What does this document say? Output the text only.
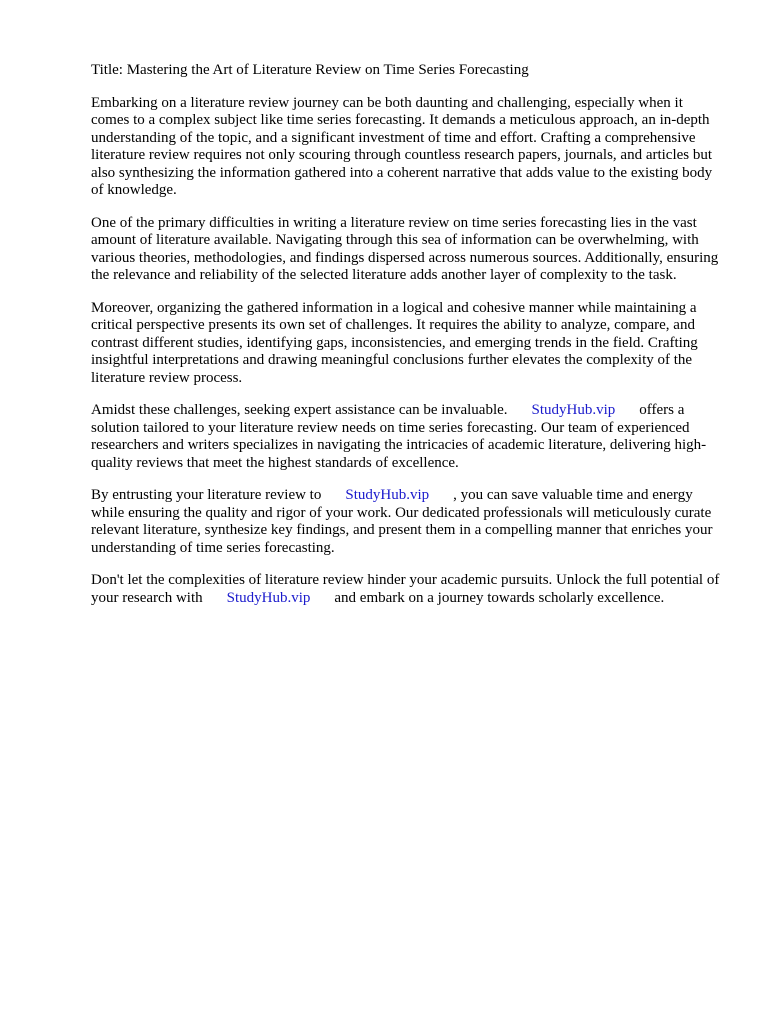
Title: Mastering the Art of Literature Review on Time Series Forecasting

Embarking on a literature review journey can be both daunting and challenging, especially when it comes to a complex subject like time series forecasting. It demands a meticulous approach, an in-depth understanding of the topic, and a significant investment of time and effort. Crafting a comprehensive literature review requires not only scouring through countless research papers, journals, and articles but also synthesizing the information gathered into a coherent narrative that adds value to the existing body of knowledge.

One of the primary difficulties in writing a literature review on time series forecasting lies in the vast amount of literature available. Navigating through this sea of information can be overwhelming, with various theories, methodologies, and findings dispersed across numerous sources. Additionally, ensuring the relevance and reliability of the selected literature adds another layer of complexity to the task.

Moreover, organizing the gathered information in a logical and cohesive manner while maintaining a critical perspective presents its own set of challenges. It requires the ability to analyze, compare, and contrast different studies, identifying gaps, inconsistencies, and emerging trends in the field. Crafting insightful interpretations and drawing meaningful conclusions further elevates the complexity of the literature review process.

Amidst these challenges, seeking expert assistance can be invaluable. StudyHub.vip offers a solution tailored to your literature review needs on time series forecasting. Our team of experienced researchers and writers specializes in navigating the intricacies of academic literature, delivering high-quality reviews that meet the highest standards of excellence.

By entrusting your literature review to StudyHub.vip , you can save valuable time and energy while ensuring the quality and rigor of your work. Our dedicated professionals will meticulously curate relevant literature, synthesize key findings, and present them in a compelling manner that enriches your understanding of time series forecasting.

Don't let the complexities of literature review hinder your academic pursuits. Unlock the full potential of your research with StudyHub.vip and embark on a journey towards scholarly excellence.
